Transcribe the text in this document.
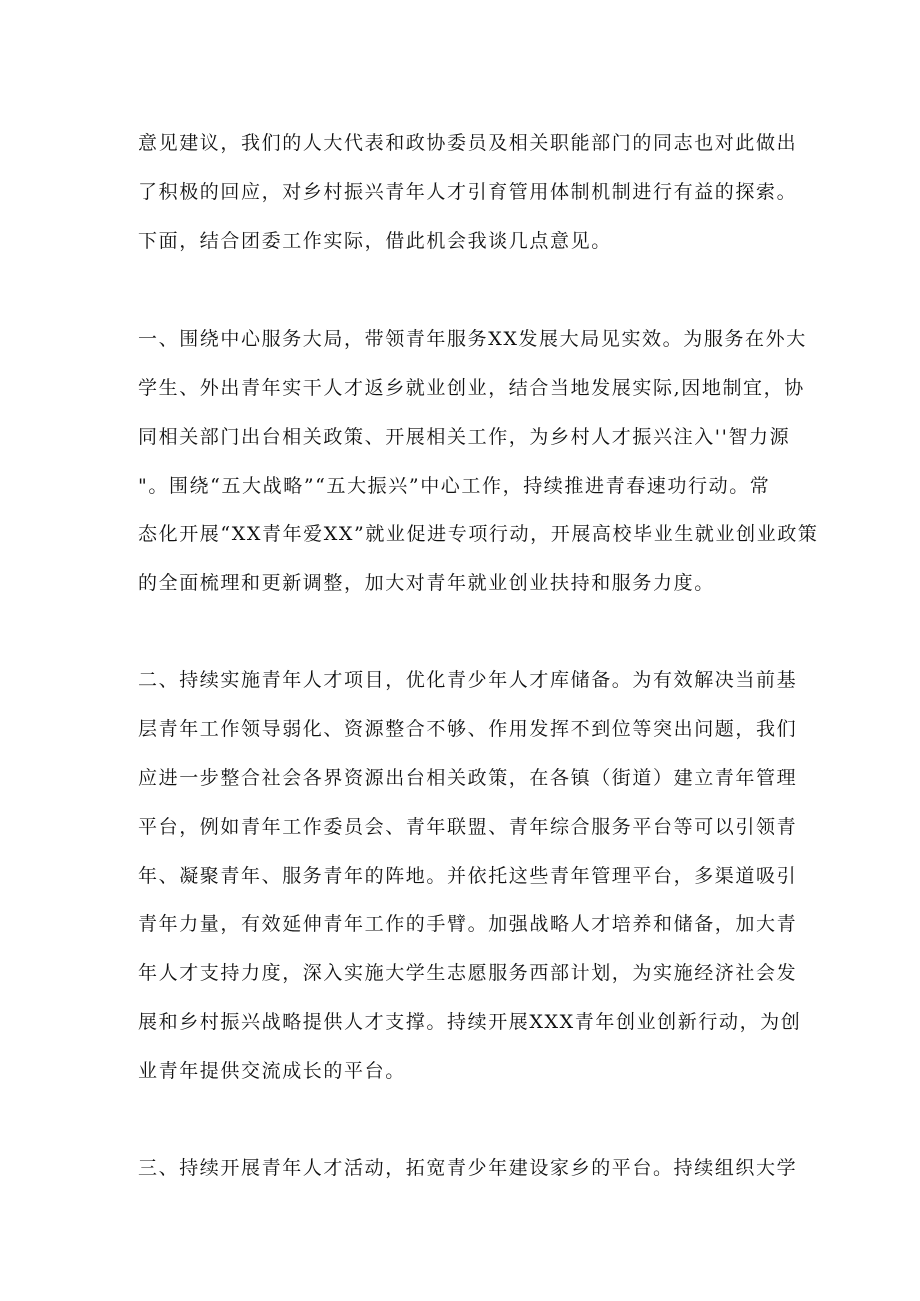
意见建议，我们的人大代表和政协委员及相关职能部门的同志也对此做出

了积极的回应，对乡村振兴青年人才引育管用体制机制进行有益的探索。

下面，结合团委工作实际，借此机会我谈几点意见。

一、围绕中心服务大局，带领青年服务XX发展大局见实效。为服务在外大

学生、外出青年实干人才返乡就业创业，结合当地发展实际,因地制宜，协

同相关部门出台相关政策、开展相关工作，为乡村人才振兴注入''智力源

"。围绕“五大战略”“五大振兴”中心工作，持续推进青春速功行动。常

态化开展“XX青年爱XX”就业促进专项行动，开展高校毕业生就业创业政策

的全面梳理和更新调整，加大对青年就业创业扶持和服务力度。

二、持续实施青年人才项目，优化青少年人才库储备。为有效解决当前基

层青年工作领导弱化、资源整合不够、作用发挥不到位等突出问题，我们

应进一步整合社会各界资源出台相关政策，在各镇（街道）建立青年管理

平台，例如青年工作委员会、青年联盟、青年综合服务平台等可以引领青

年、凝聚青年、服务青年的阵地。并依托这些青年管理平台，多渠道吸引

青年力量，有效延伸青年工作的手臂。加强战略人才培养和储备，加大青

年人才支持力度，深入实施大学生志愿服务西部计划，为实施经济社会发

展和乡村振兴战略提供人才支撑。持续开展XXX青年创业创新行动，为创

业青年提供交流成长的平台。

三、持续开展青年人才活动，拓宽青少年建设家乡的平台。持续组织大学
